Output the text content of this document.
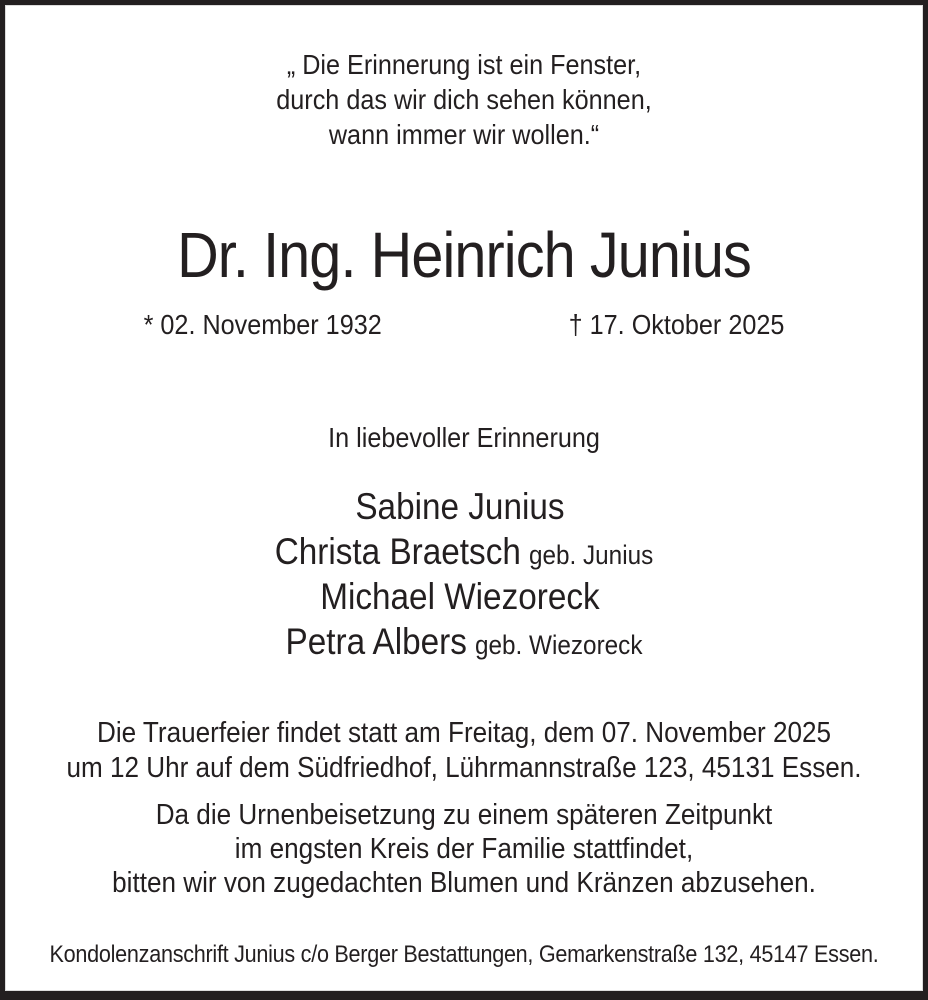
„ Die Erinnerung ist ein Fenster,
durch das wir dich sehen können,
wann immer wir wollen.“
Dr. Ing. Heinrich Junius
* 02. November 1932	† 17. Oktober 2025
In liebevoller Erinnerung
Sabine Junius
Christa Braetsch geb. Junius
Michael Wiezoreck
Petra Albers geb. Wiezoreck
Die Trauerfeier findet statt am Freitag, dem 07. November 2025
um 12 Uhr auf dem Südfriedhof, Lührmannstraße 123, 45131 Essen.
Da die Urnenbeisetzung zu einem späteren Zeitpunkt
im engsten Kreis der Familie stattfindet,
bitten wir von zugedachten Blumen und Kränzen abzusehen.
Kondolenzanschrift Junius c/o Berger Bestattungen, Gemarkenstraße 132, 45147 Essen.
